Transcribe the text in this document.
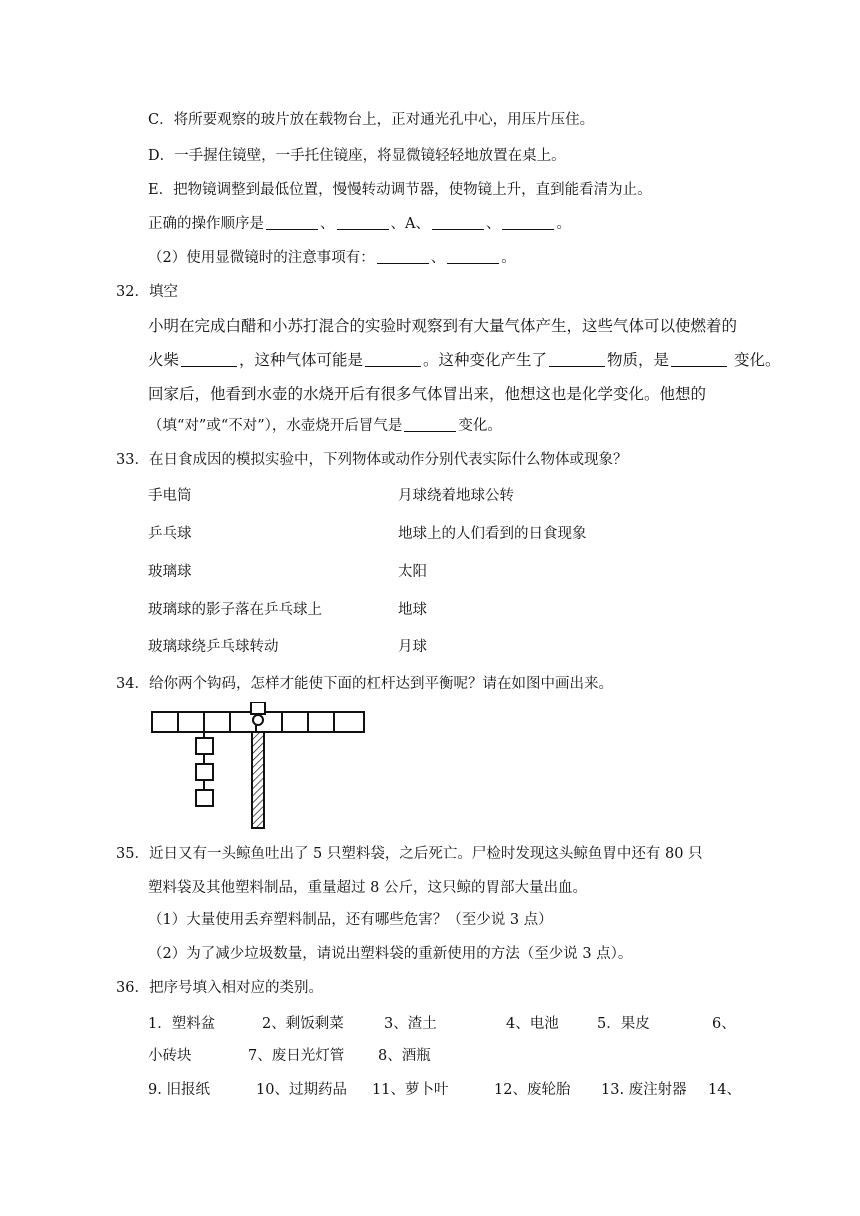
C．将所要观察的玻片放在载物台上，正对通光孔中心，用压片压住。
D．一手握住镜壁，一手托住镜座，将显微镜轻轻地放置在桌上。
E．把物镜调整到最低位置，慢慢转动调节器，使物镜上升，直到能看清为止。
正确的操作顺序是	、	、A、	、	。
（2）使用显微镜时的注意事项有：	、	。
32．填空
小明在完成白醋和小苏打混合的实验时观察到有大量气体产生，这些气体可以使燃着的
火柴	，这种气体可能是	。这种变化产生了	物质，是	变化。
回家后，他看到水壶的水烧开后有很多气体冒出来，他想这也是化学变化。他想的
（填“对”或“不对”），水壶烧开后冒气是	变化。
33．在日食成因的模拟实验中，下列物体或动作分别代表实际什么物体或现象？
手电筒	月球绕着地球公转
乒乓球	地球上的人们看到的日食现象
玻璃球	太阳
玻璃球的影子落在乒乓球上	地球
玻璃球绕乒乓球转动	月球
34．给你两个钩码，怎样才能使下面的杠杆达到平衡呢？请在如图中画出来。
35．近日又有一头鲸鱼吐出了 5 只塑料袋，之后死亡。尸检时发现这头鲸鱼胃中还有 80 只
塑料袋及其他塑料制品，重量超过 8 公斤，这只鲸的胃部大量出血。
（1）大量使用丢弃塑料制品，还有哪些危害？（至少说 3 点）
（2）为了减少垃圾数量，请说出塑料袋的重新使用的方法（至少说 3 点）。
36．把序号填入相对应的类别。
1．塑料盆	2、剩饭剩菜	3、渣土	4、电池	5．果皮	6、
小砖块	7、废日光灯管 8、酒瓶
9. 旧报纸	10、过期药品 11、萝卜叶	12、废轮胎 13. 废注射器 14、
